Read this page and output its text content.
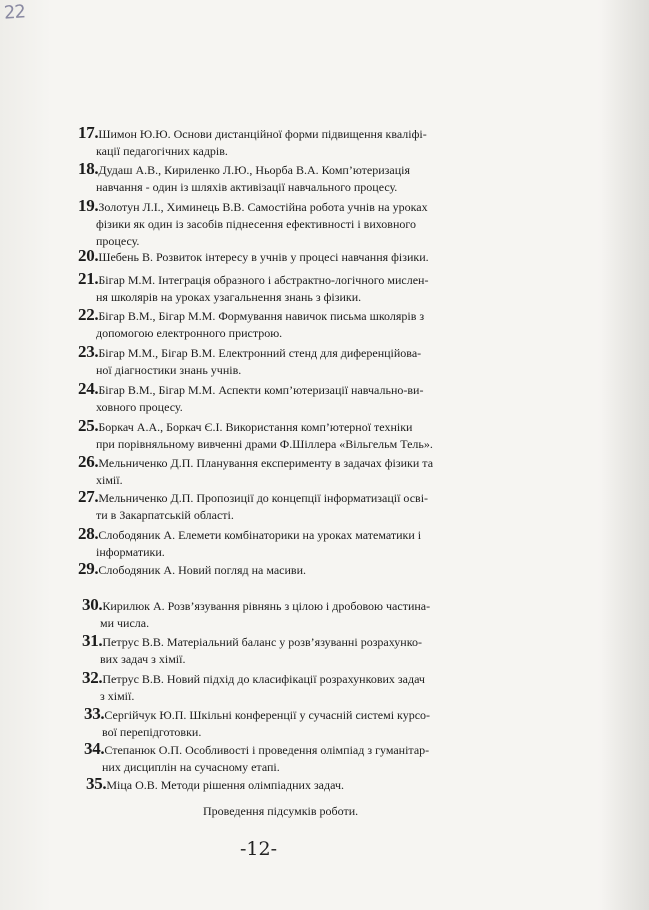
22

17.Шимон Ю.Ю. Основи дистанційної форми підвищення кваліфі-
кації педагогічних кадрів.
18.Дудаш А.В., Кириленко Л.Ю., Ньорба В.А. Комп’ютеризація
навчання - один із шляхів активізації навчального процесу.
19.Золотун Л.І., Химинець В.В. Самостійна робота учнів на уроках
фізики як один із засобів піднесення ефективності і виховного
процесу.
20.Шебень В. Розвиток інтересу в учнів у процесі навчання фізики.
21.Бігар М.М. Інтеграція образного і абстрактно-логічного мислен-
ня школярів на уроках узагальнення знань з фізики.
22.Бігар В.М., Бігар М.М. Формування навичок письма школярів з
допомогою електронного пристрою.
23.Бігар М.М., Бігар В.М. Електронний стенд для диференційова-
ної діагностики знань учнів.
24.Бігар В.М., Бігар М.М. Аспекти комп’ютеризації навчально-ви-
ховного процесу.
25.Боркач А.А., Боркач Є.І. Використання комп’ютерної техніки
при порівняльному вивченні драми Ф.Шіллера «Вільгельм Тель».
26.Мельниченко Д.П. Планування експерименту в задачах фізики та
хімії.
27.Мельниченко Д.П. Пропозиції до концепції інформатизації осві-
ти в Закарпатській області.
28.Слободяник А. Елемети комбінаторики на уроках математики і
інформатики.
29.Слободяник А. Новий погляд на масиви.
30.Кирилюк А. Розв’язування рівнянь з цілою і дробовою частина-
ми числа.
31.Петрус В.В. Матеріальний баланс у розв’язуванні розрахунко-
вих задач з хімії.
32.Петрус В.В. Новий підхід до класифікації розрахункових задач
з хімії.
33.Сергійчук Ю.П. Шкільні конференції у сучасній системі курсо-
вої перепідготовки.
34.Степанюк О.П. Особливості і проведення олімпіад з гуманітар-
них дисциплін на сучасному етапі.
35.Міца О.В. Методи рішення олімпіадних задач.
Проведення підсумків роботи.
-12-
